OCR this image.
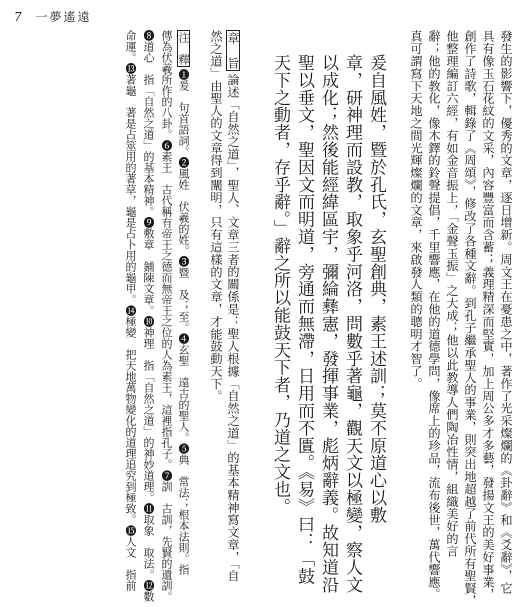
7 一夢遙遠
發生的影響下，優秀的文章，逐日增新。周文王在憂患之中，著作了光采燦爛的《卦辭》和《爻辭》，它
具有像玉石花紋的文采，內容豐富而含蓄；義理精深而堅實，加上周公多才多藝，發揚文王的美好事業，
創作了詩歌，輯錄了《周頌》，修改了各種文辭。到孔子繼承聖人的事業，則突出地超越了前代所有聖賢，
他整理編訂六經，有如金音振上，「金聲玉振」之大成；他以此教導人們陶冶性情，組織美好的言
辭；他的教化，像木鐸的鈴聲提倡，千里響應，在他的道德學問，像席上的珍品，流布後世，萬代響應。
真可謂寫下天地之間光輝燦爛的文章，來啟發人類的聰明才智了。
爰自風姓，暨於孔氏，玄聖創典，素王述訓；莫不原道心以敷
章，研神理而設教，取象乎河洛，問數乎著龜，觀天文以極變，察人文
以成化；然後能經緯區宇，彌綸彝憲，發揮事業，彪炳辭義。故知道沿
聖以垂文，聖因文而明道，旁通而無滯，日用而不匱。《易》曰：「鼓
天下之動者，存乎辭。」辭之所以能鼓天下者，乃道之文也。
章　旨論述「自然之道」，聖人、文章三者的關係是：聖人根據「自然之道」的基本精神寫文章，「自
然之道」由聖人的文章得到闡明，只有這樣的文章，才能鼓動天下。
注　釋❶爰　句首語詞。❷風姓　伏羲的姓。❸暨　及；至。❹玄聖　遠古的聖人。❺典　常法；根本法則。指
傳為伏羲所作的八卦。❻素王　古代稱有帝王之德而無帝王之位的人為素王，這裡指孔子。❼訓　古訓，先賢的遺訓。
❽道心　指「自然之道」的基本精神。❾敷章　鋪陳文章。❿神理　指「自然之道」的神妙道理。⓫取象　取法。⓬數
命運。⓭著龜　著是占筮用的著草，龜是占卜用的龜甲。⓮極變　把天地萬物變化的道理追究到極致。⓯人文　指前
